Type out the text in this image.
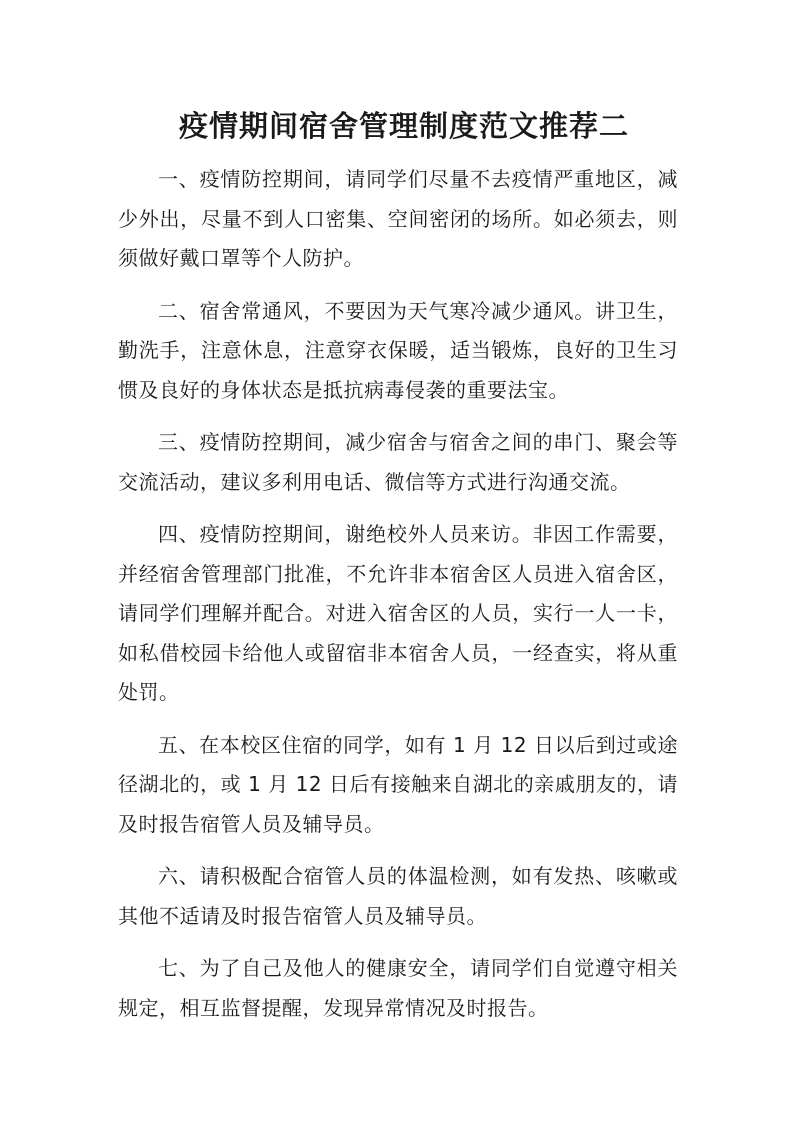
疫情期间宿舍管理制度范文推荐二

一、疫情防控期间，请同学们尽量不去疫情严重地区，减少外出，尽量不到人口密集、空间密闭的场所。如必须去，则须做好戴口罩等个人防护。

二、宿舍常通风，不要因为天气寒冷减少通风。讲卫生，勤洗手，注意休息，注意穿衣保暖，适当锻炼，良好的卫生习惯及良好的身体状态是抵抗病毒侵袭的重要法宝。

三、疫情防控期间，减少宿舍与宿舍之间的串门、聚会等交流活动，建议多利用电话、微信等方式进行沟通交流。

四、疫情防控期间，谢绝校外人员来访。非因工作需要，并经宿舍管理部门批准，不允许非本宿舍区人员进入宿舍区，请同学们理解并配合。对进入宿舍区的人员，实行一人一卡，如私借校园卡给他人或留宿非本宿舍人员，一经查实，将从重处罚。

五、在本校区住宿的同学，如有 1 月 12 日以后到过或途径湖北的，或 1 月 12 日后有接触来自湖北的亲戚朋友的，请及时报告宿管人员及辅导员。

六、请积极配合宿管人员的体温检测，如有发热、咳嗽或其他不适请及时报告宿管人员及辅导员。

七、为了自己及他人的健康安全，请同学们自觉遵守相关规定，相互监督提醒，发现异常情况及时报告。
